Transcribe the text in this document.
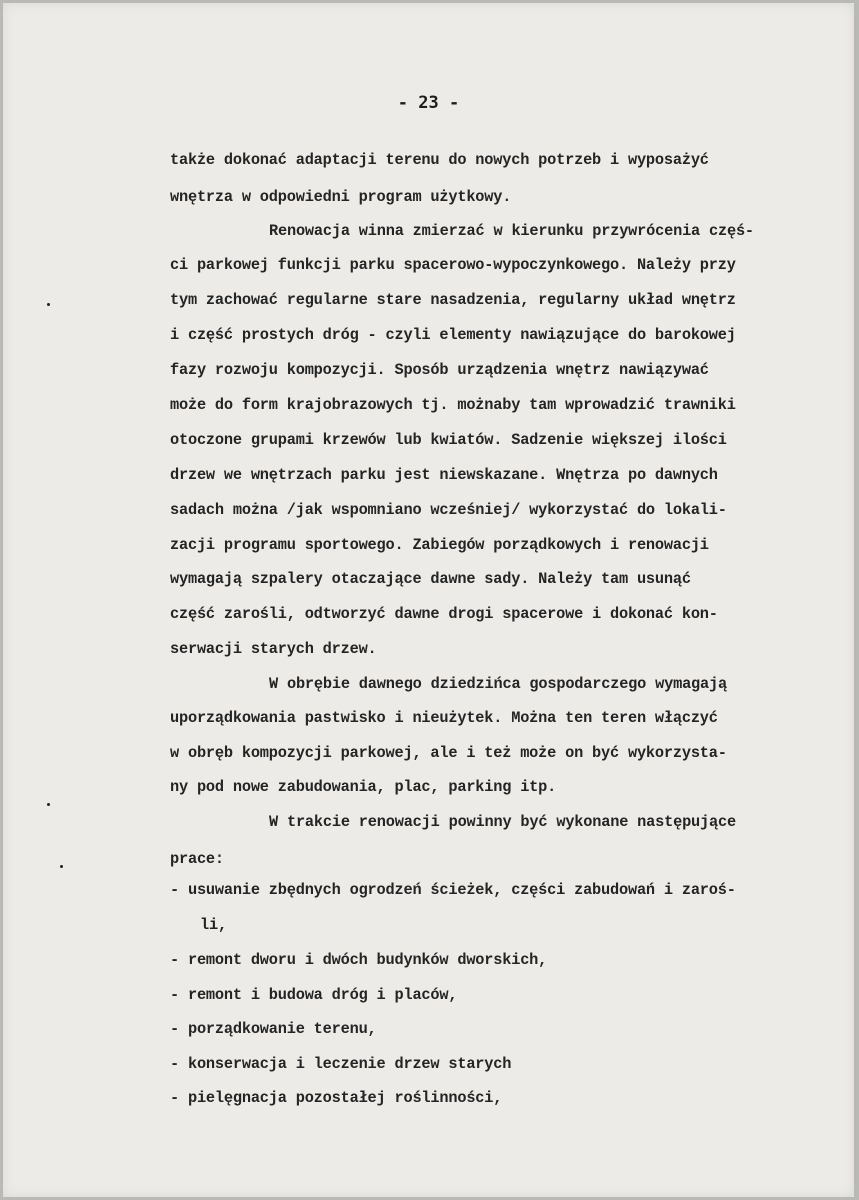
- 23 -
także dokonać adaptacji terenu do nowych potrzeb i wyposażyć
wnętrza w odpowiedni program użytkowy.
Renowacja winna zmierzać w kierunku przywrócenia częś-
ci parkowej funkcji parku spacerowo-wypoczynkowego. Należy przy
tym zachować regularne stare nasadzenia, regularny układ wnętrz
i część prostych dróg - czyli elementy nawiązujące do barokowej
fazy rozwoju kompozycji. Sposób urządzenia wnętrz nawiązywać
może do form krajobrazowych tj. możnaby tam wprowadzić trawniki
otoczone grupami krzewów lub kwiatów. Sadzenie większej ilości
drzew we wnętrzach parku jest niewskazane. Wnętrza po dawnych
sadach można /jak wspomniano wcześniej/ wykorzystać do lokali-
zacji programu sportowego. Zabiegów porządkowych i renowacji
wymagają szpalery otaczające dawne sady. Należy tam usunąć
część zarośli, odtworzyć dawne drogi spacerowe i dokonać kon-
serwacji starych drzew.
W obrębie dawnego dziedzińca gospodarczego wymagają
uporządkowania pastwisko i nieużytek. Można ten teren włączyć
w obręb kompozycji parkowej, ale i też może on być wykorzysta-
ny pod nowe zabudowania, plac, parking itp.
W trakcie renowacji powinny być wykonane następujące
prace:
- usuwanie zbędnych ogrodzeń ścieżek, części zabudowań i zaroś-
li,
- remont dworu i dwóch budynków dworskich,
- remont i budowa dróg i placów,
- porządkowanie terenu,
- konserwacja i leczenie drzew starych
- pielęgnacja pozostałej roślinności,
